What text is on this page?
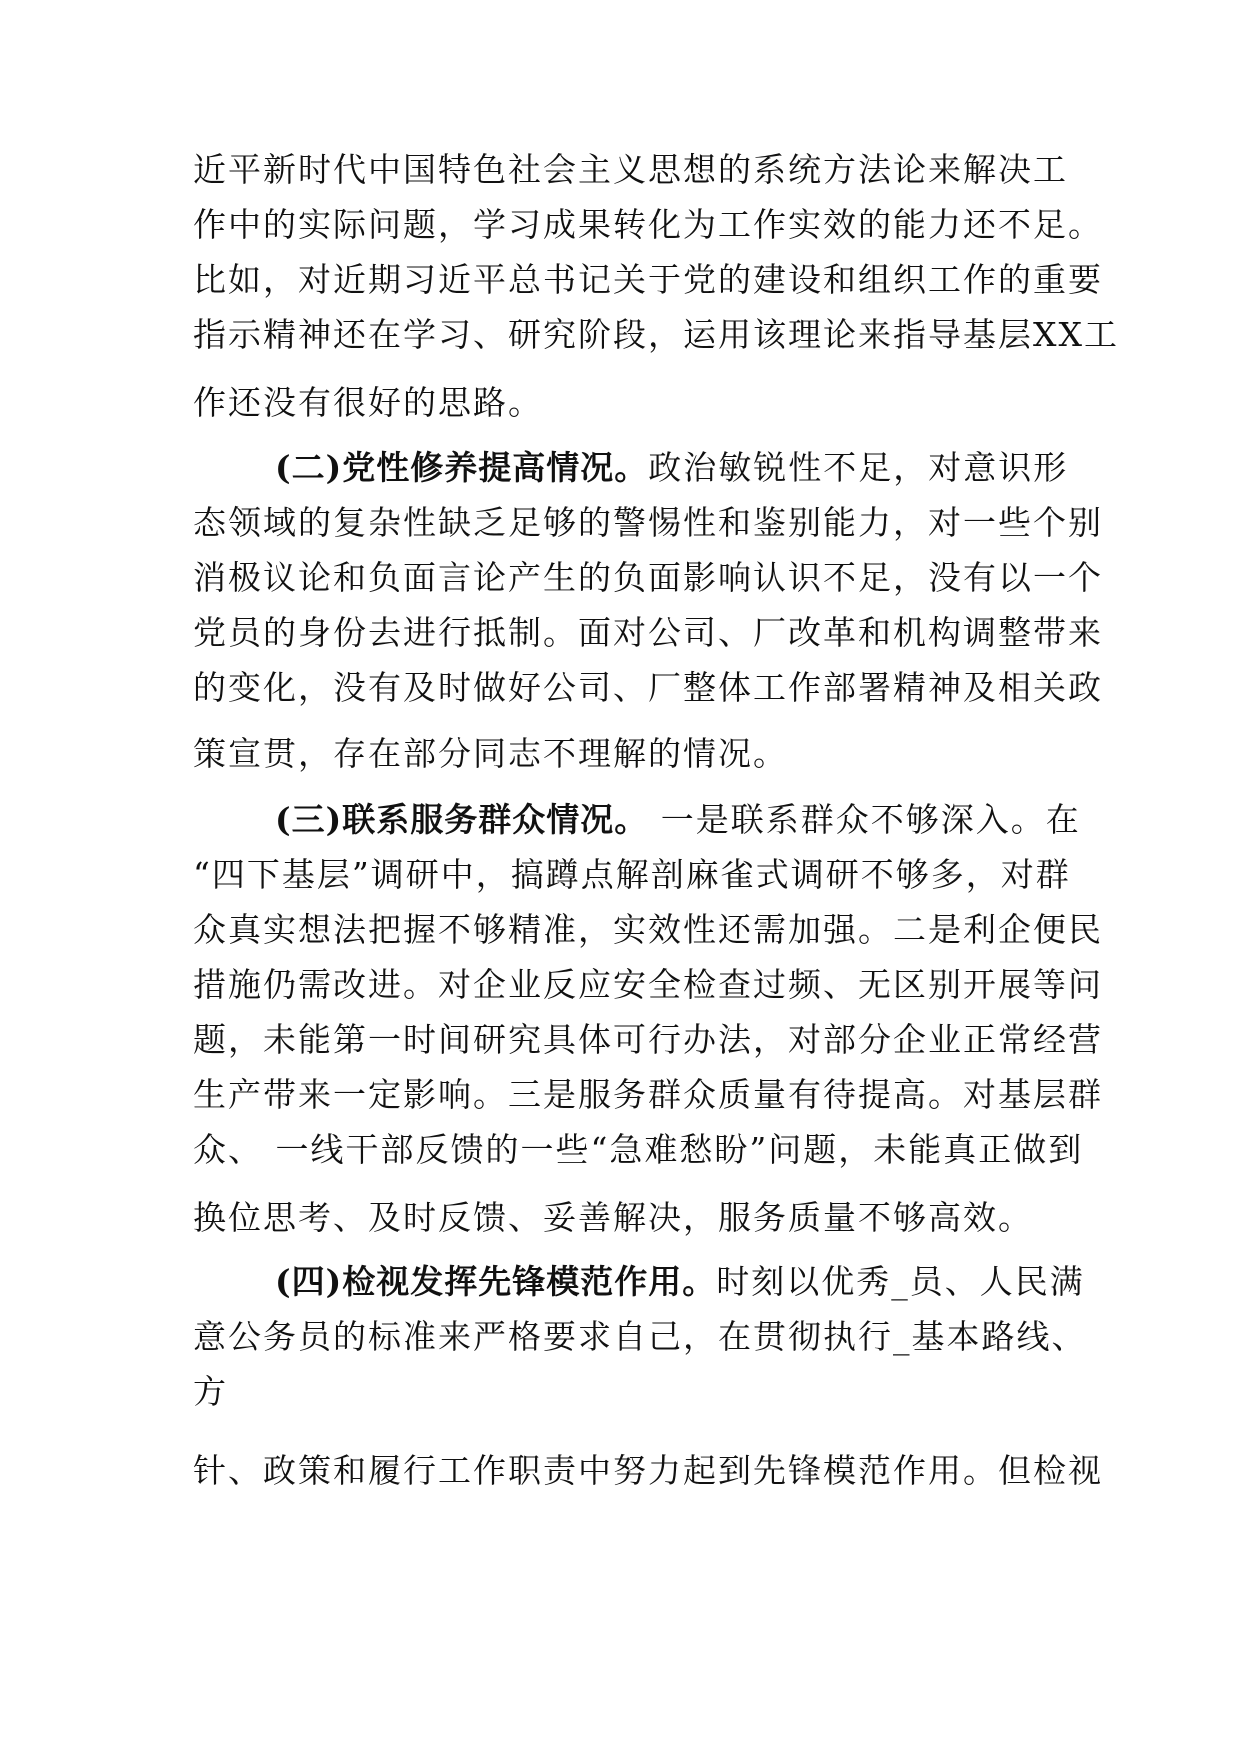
近平新时代中国特色社会主义思想的系统方法论来解决工
作中的实际问题，学习成果转化为工作实效的能力还不足。
比如，对近期习近平总书记关于党的建设和组织工作的重要
指示精神还在学习、研究阶段，运用该理论来指导基层XX工
作还没有很好的思路。
(二)党性修养提高情况。政治敏锐性不足，对意识形
态领域的复杂性缺乏足够的警惕性和鉴别能力，对一些个别
消极议论和负面言论产生的负面影响认识不足，没有以一个
党员的身份去进行抵制。面对公司、厂改革和机构调整带来
的变化，没有及时做好公司、厂整体工作部署精神及相关政
策宣贯，存在部分同志不理解的情况。
(三)联系服务群众情况。 一是联系群众不够深入。在
“四下基层”调研中，搞蹲点解剖麻雀式调研不够多，对群
众真实想法把握不够精准，实效性还需加强。二是利企便民
措施仍需改进。对企业反应安全检查过频、无区别开展等问
题，未能第一时间研究具体可行办法，对部分企业正常经营
生产带来一定影响。三是服务群众质量有待提高。对基层群
众、 一线干部反馈的一些“急难愁盼”问题，未能真正做到
换位思考、及时反馈、妥善解决，服务质量不够高效。
(四)检视发挥先锋模范作用。时刻以优秀_员、人民满
意公务员的标准来严格要求自己，在贯彻执行_基本路线、
方
针、政策和履行工作职责中努力起到先锋模范作用。但检视
